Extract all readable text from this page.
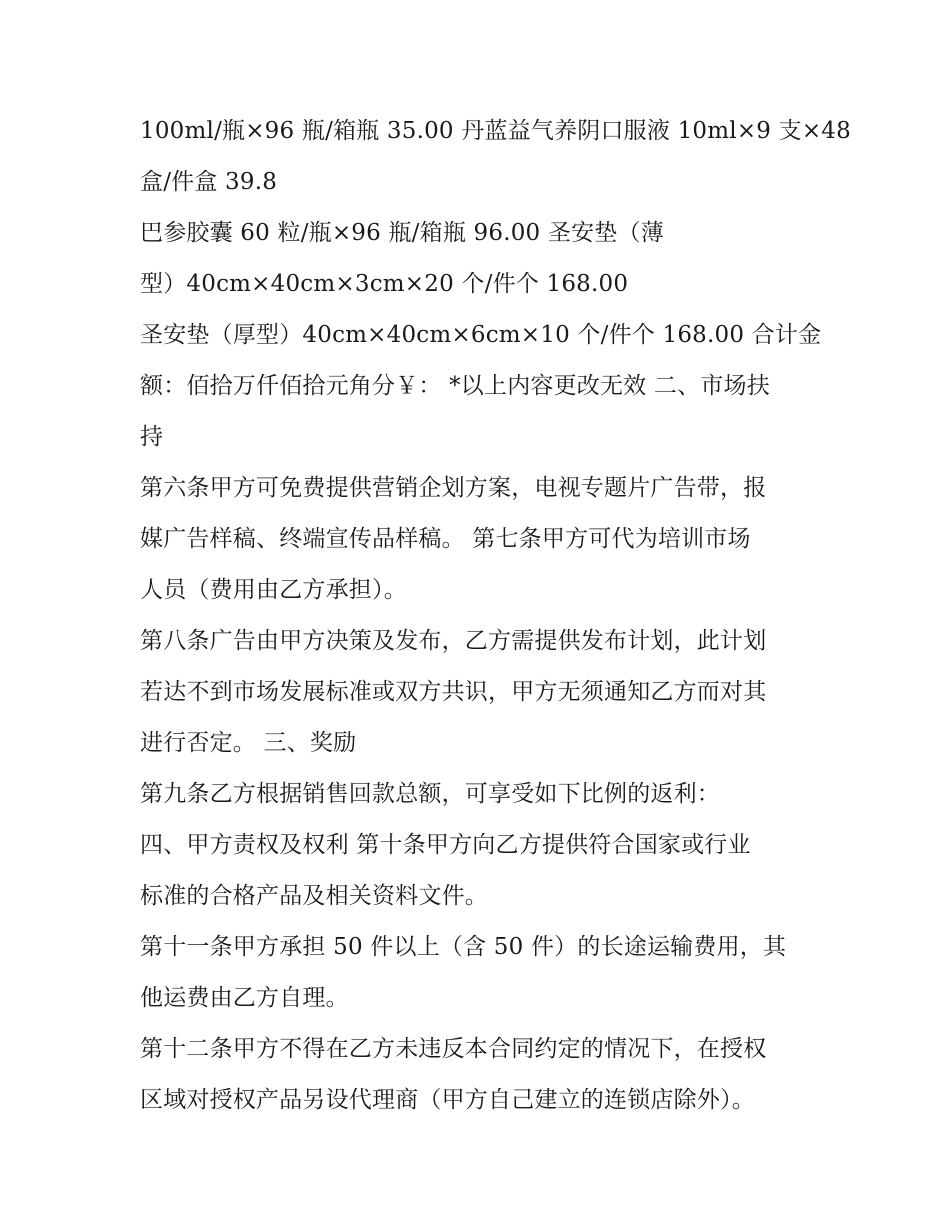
100ml/瓶×96 瓶/箱瓶 35.00 丹蓝益气养阴口服液 10ml×9 支×48
盒/件盒 39.8
巴参胶囊 60 粒/瓶×96 瓶/箱瓶 96.00 圣安垫（薄
型）40cm×40cm×3cm×20 个/件个 168.00
圣安垫（厚型）40cm×40cm×6cm×10 个/件个 168.00 合计金
额：佰拾万仟佰拾元角分￥： *以上内容更改无效 二、市场扶
持
第六条甲方可免费提供营销企划方案，电视专题片广告带，报
媒广告样稿、终端宣传品样稿。 第七条甲方可代为培训市场
人员（费用由乙方承担）。
第八条广告由甲方决策及发布，乙方需提供发布计划，此计划
若达不到市场发展标准或双方共识，甲方无须通知乙方而对其
进行否定。 三、奖励
第九条乙方根据销售回款总额，可享受如下比例的返利：
四、甲方责权及权利 第十条甲方向乙方提供符合国家或行业
标准的合格产品及相关资料文件。
第十一条甲方承担 50 件以上（含 50 件）的长途运输费用，其
他运费由乙方自理。
第十二条甲方不得在乙方未违反本合同约定的情况下，在授权
区域对授权产品另设代理商（甲方自己建立的连锁店除外）。
